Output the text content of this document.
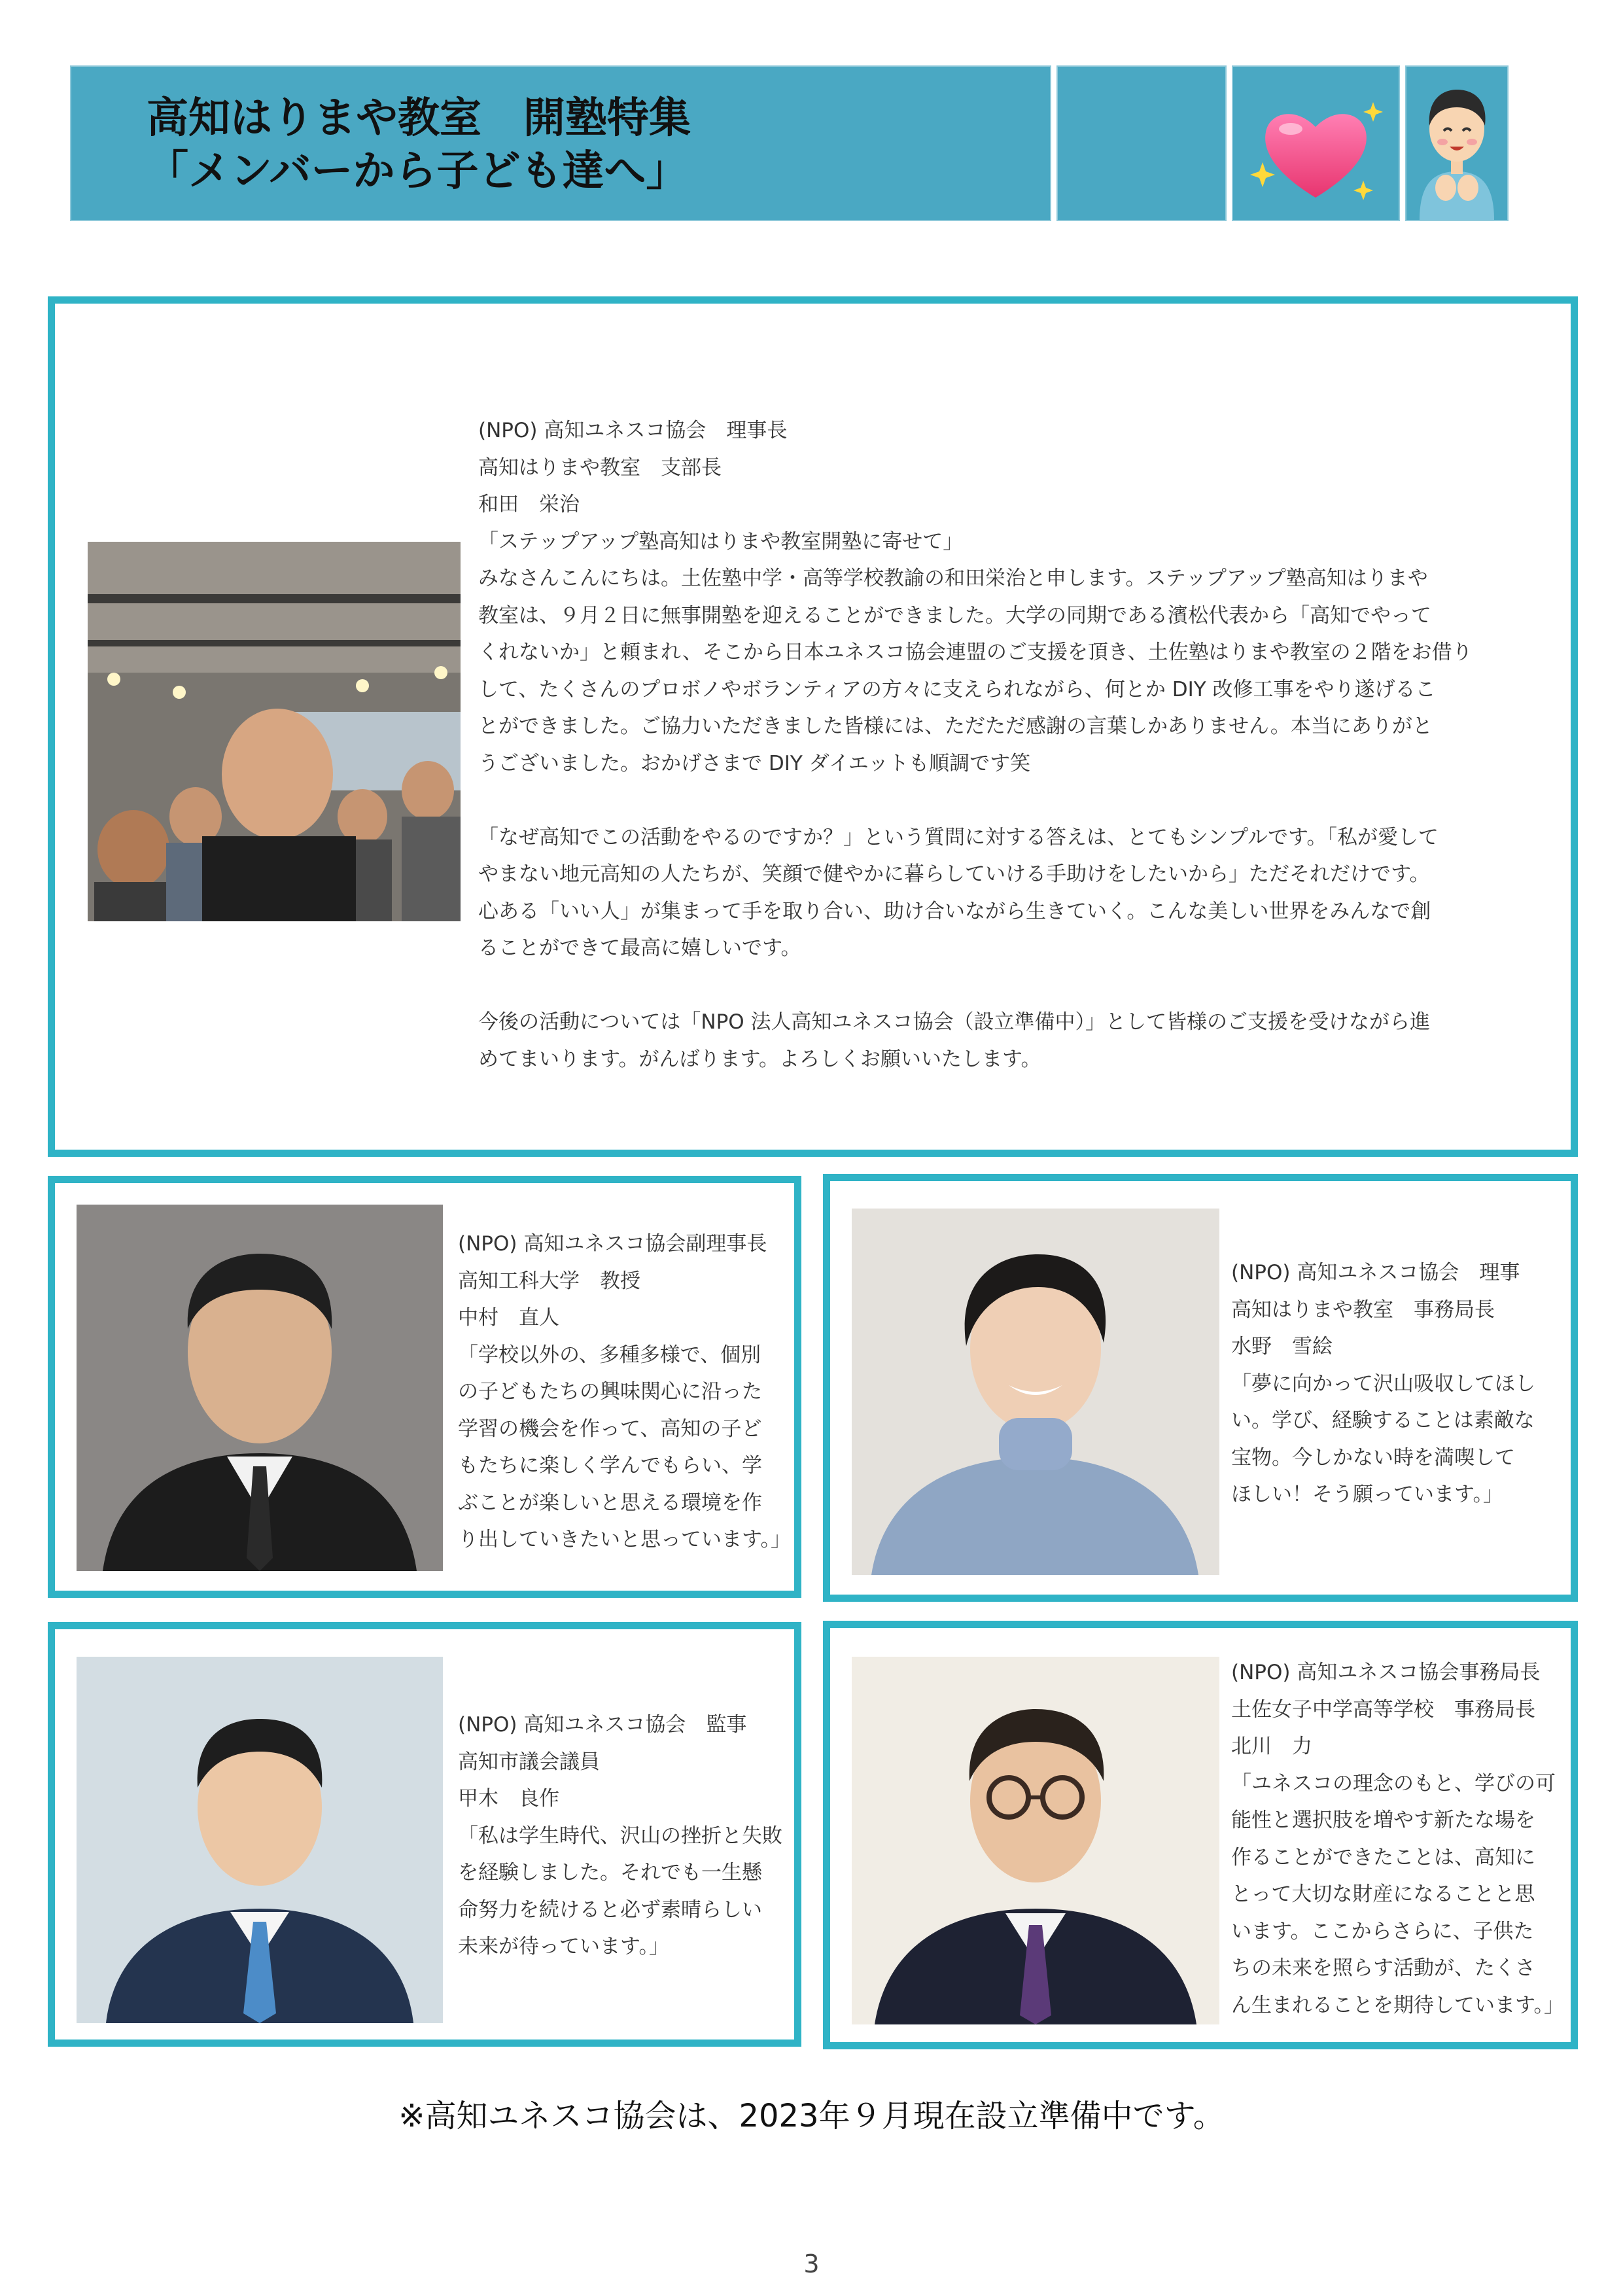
高知はりまや教室　開塾特集
「メンバーから子ども達へ」
(NPO) 高知ユネスコ協会　理事長
高知はりまや教室　支部長
和田　栄治
「ステップアップ塾高知はりまや教室開塾に寄せて」
みなさんこんにちは。土佐塾中学・高等学校教諭の和田栄治と申します。ステップアップ塾高知はりまや
教室は、９月２日に無事開塾を迎えることができました。大学の同期である濱松代表から「高知でやって
くれないか」と頼まれ、そこから日本ユネスコ協会連盟のご支援を頂き、土佐塾はりまや教室の２階をお借り
して、たくさんのプロボノやボランティアの方々に支えられながら、何とか DIY 改修工事をやり遂げるこ
とができました。ご協力いただきました皆様には、ただただ感謝の言葉しかありません。本当にありがと
うございました。おかげさまで DIY ダイエットも順調です笑
「なぜ高知でこの活動をやるのですか？」という質問に対する答えは、とてもシンプルです。「私が愛して
やまない地元高知の人たちが、笑顔で健やかに暮らしていける手助けをしたいから」ただそれだけです。
心ある「いい人」が集まって手を取り合い、助け合いながら生きていく。こんな美しい世界をみんなで創
ることができて最高に嬉しいです。
今後の活動については「NPO 法人高知ユネスコ協会（設立準備中）」として皆様のご支援を受けながら進
めてまいります。がんばります。よろしくお願いいたします。
(NPO) 高知ユネスコ協会副理事長
高知工科大学　教授
中村　直人
「学校以外の、多種多様で、個別
の子どもたちの興味関心に沿った
学習の機会を作って、高知の子ど
もたちに楽しく学んでもらい、学
ぶことが楽しいと思える環境を作
り出していきたいと思っています。」
(NPO) 高知ユネスコ協会　理事
高知はりまや教室　事務局長
水野　雪絵
「夢に向かって沢山吸収してほし
い。学び、経験することは素敵な
宝物。今しかない時を満喫して
ほしい！そう願っています。」
(NPO) 高知ユネスコ協会　監事
高知市議会議員
甲木　良作
「私は学生時代、沢山の挫折と失敗
を経験しました。それでも一生懸
命努力を続けると必ず素晴らしい
未来が待っています。」
(NPO) 高知ユネスコ協会事務局長
土佐女子中学高等学校　事務局長
北川　力
「ユネスコの理念のもと、学びの可
能性と選択肢を増やす新たな場を
作ることができたことは、高知に
とって大切な財産になることと思
います。ここからさらに、子供た
ちの未来を照らす活動が、たくさ
ん生まれることを期待しています。」
※高知ユネスコ協会は、2023年９月現在設立準備中です。
3
